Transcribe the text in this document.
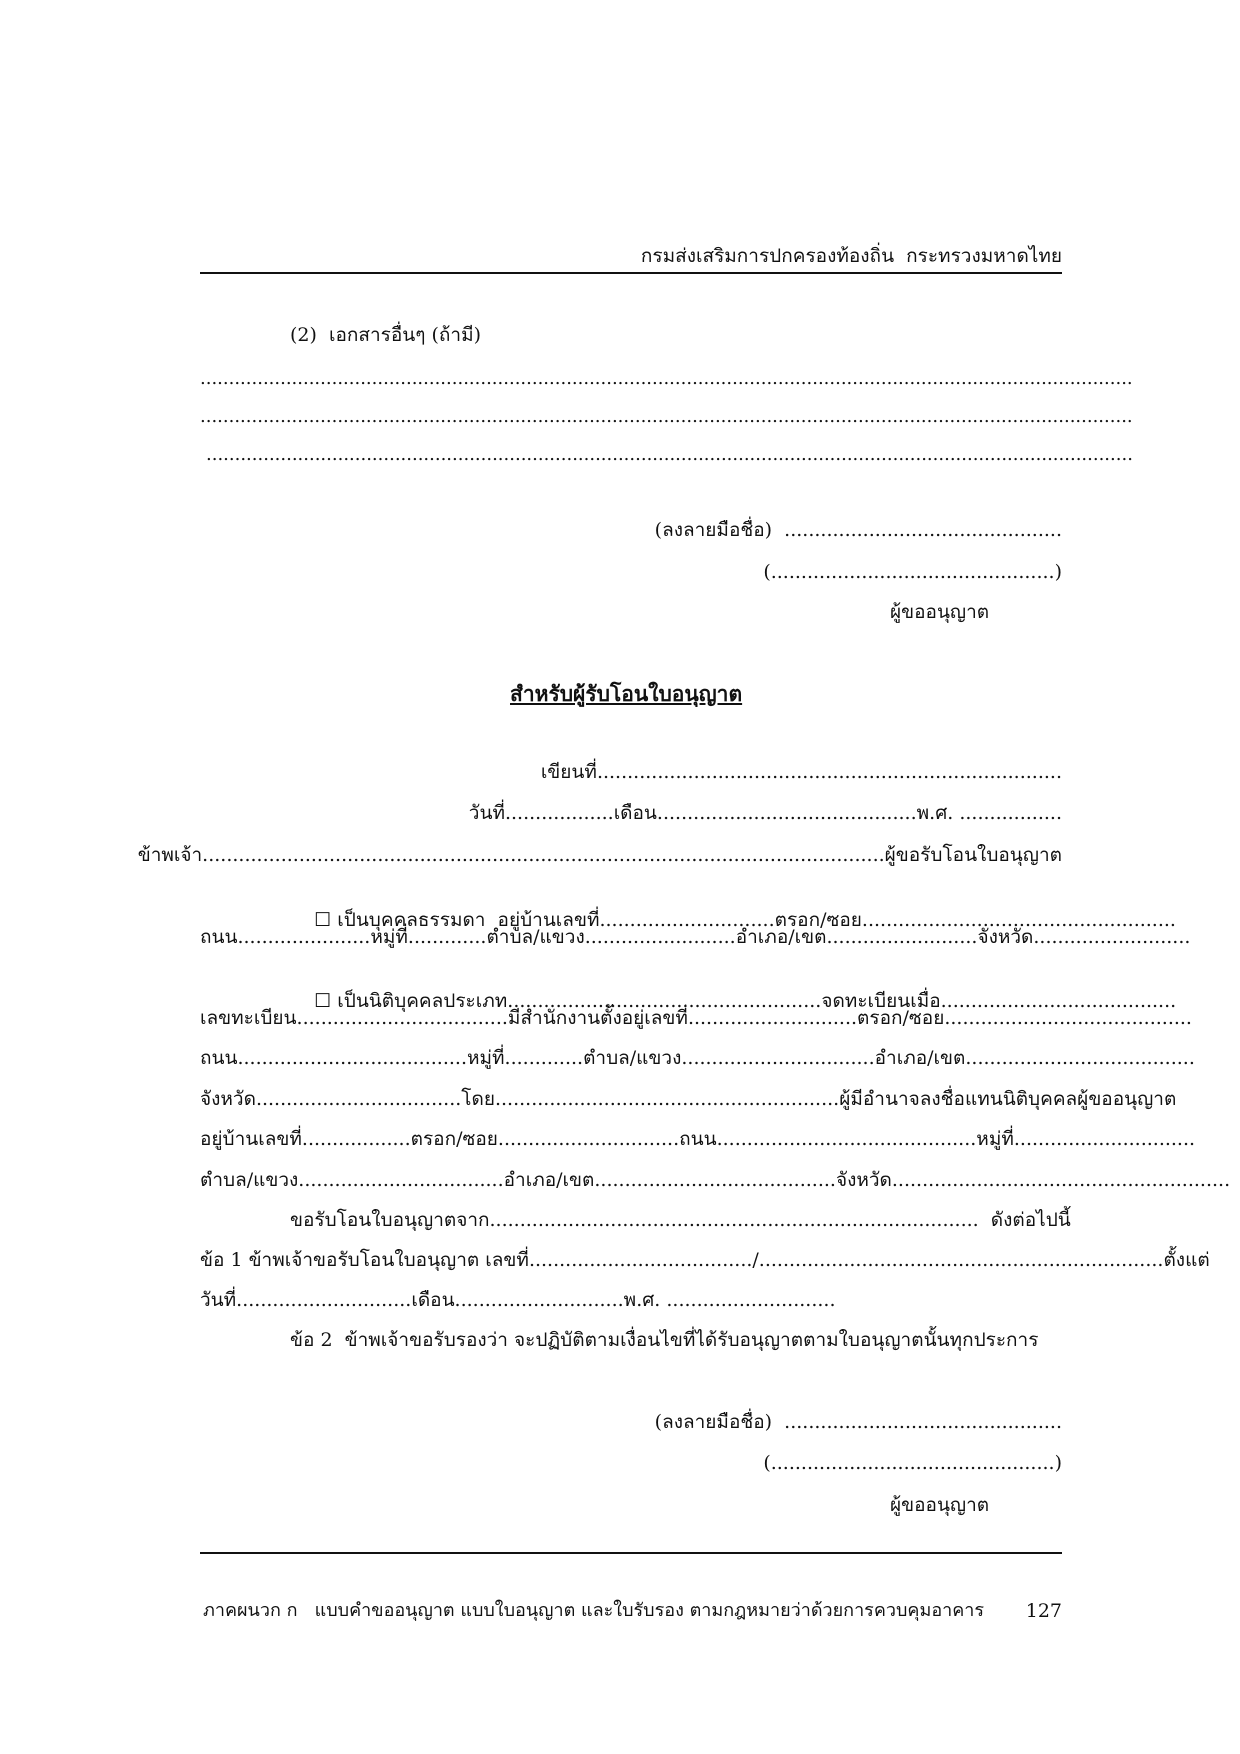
กรมส่งเสริมการปกครองท้องถิ่น  กระทรวงมหาดไทย
(2)  เอกสารอื่นๆ (ถ้ามี)
...................................................................................................................................................................
...................................................................................................................................................................
..................................................................................................................................................................
(ลงลายมือชื่อ)  ..............................................
(...............................................)
ผู้ขออนุญาต
สำหรับผู้รับโอนใบอนุญาต
เขียนที่.............................................................................
วันที่..................เดือน...........................................พ.ศ. .................
ข้าพเจ้า.................................................................................................................ผู้ขอรับโอนใบอนุญาต

☐ เป็นบุคคลธรรมดา  อยู่บ้านเลขที่.............................ตรอก/ซอย....................................................

ถนน......................หมู่ที่.............ตำบล/แขวง.........................อำเภอ/เขต.........................จังหวัด..........................

☐ เป็นนิติบุคคลประเภท....................................................จดทะเบียนเมื่อ.......................................

เลขทะเบียน...................................มีสำนักงานตั้งอยู่เลขที่............................ตรอก/ซอย.........................................
ถนน......................................หมู่ที่.............ตำบล/แขวง................................อำเภอ/เขต......................................
จังหวัด..................................โดย.........................................................ผู้มีอำนาจลงชื่อแทนนิติบุคคลผู้ขออนุญาต
อยู่บ้านเลขที่..................ตรอก/ซอย..............................ถนน...........................................หมู่ที่..............................
ตำบล/แขวง..................................อำเภอ/เขต........................................จังหวัด........................................................
ขอรับโอนใบอนุญาตจาก.................................................................................  ดังต่อไปนี้
ข้อ 1 ข้าพเจ้าขอรับโอนใบอนุญาต เลขที่...................................../...................................................................ตั้งแต่
วันที่.............................เดือน............................พ.ศ. ............................
ข้อ 2  ข้าพเจ้าขอรับรองว่า จะปฏิบัติตามเงื่อนไขที่ได้รับอนุญาตตามใบอนุญาตนั้นทุกประการ
(ลงลายมือชื่อ)  ..............................................
(...............................................)
ผู้ขออนุญาต
ภาคผนวก ก   แบบคำขออนุญาต แบบใบอนุญาต และใบรับรอง ตามกฎหมายว่าด้วยการควบคุมอาคาร 127
